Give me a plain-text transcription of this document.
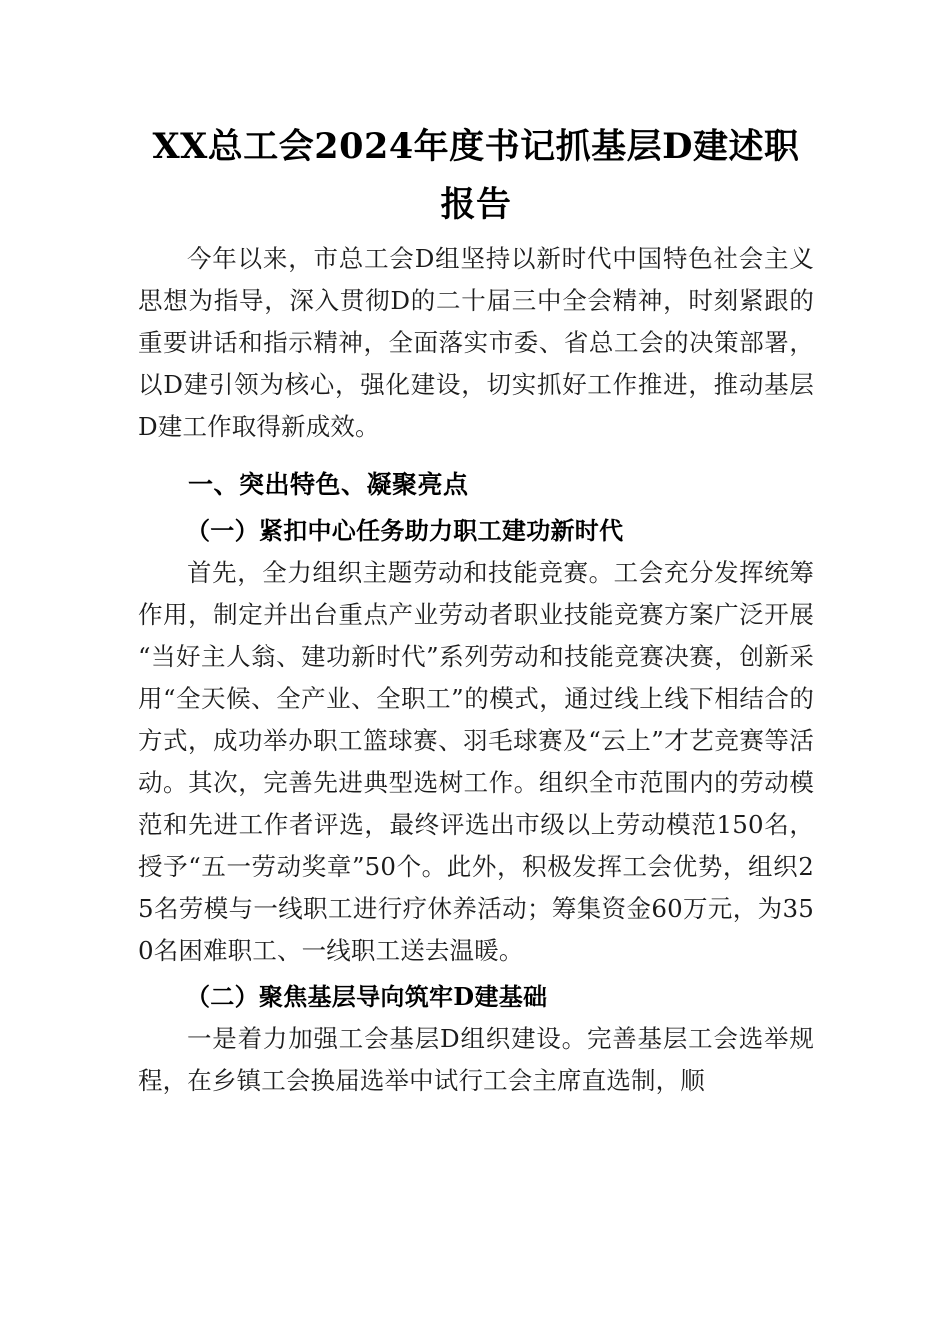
XX总工会2024年度书记抓基层D建述职报告

今年以来，市总工会D组坚持以新时代中国特色社会主义思想为指导，深入贯彻D的二十届三中全会精神，时刻紧跟的重要讲话和指示精神，全面落实市委、省总工会的决策部署，以D建引领为核心，强化建设，切实抓好工作推进，推动基层D建工作取得新成效。

一、突出特色、凝聚亮点

（一）紧扣中心任务助力职工建功新时代

首先，全力组织主题劳动和技能竞赛。工会充分发挥统筹作用，制定并出台重点产业劳动者职业技能竞赛方案广泛开展“当好主人翁、建功新时代”系列劳动和技能竞赛决赛，创新采用“全天候、全产业、全职工”的模式，通过线上线下相结合的方式，成功举办职工篮球赛、羽毛球赛及“云上”才艺竞赛等活动。其次，完善先进典型选树工作。组织全市范围内的劳动模范和先进工作者评选，最终评选出市级以上劳动模范150名，授予“五一劳动奖章”50个。此外，积极发挥工会优势，组织25名劳模与一线职工进行疗休养活动；筹集资金60万元，为350名困难职工、一线职工送去温暖。

（二）聚焦基层导向筑牢D建基础

一是着力加强工会基层D组织建设。完善基层工会选举规程，在乡镇工会换届选举中试行工会主席直选制，顺
